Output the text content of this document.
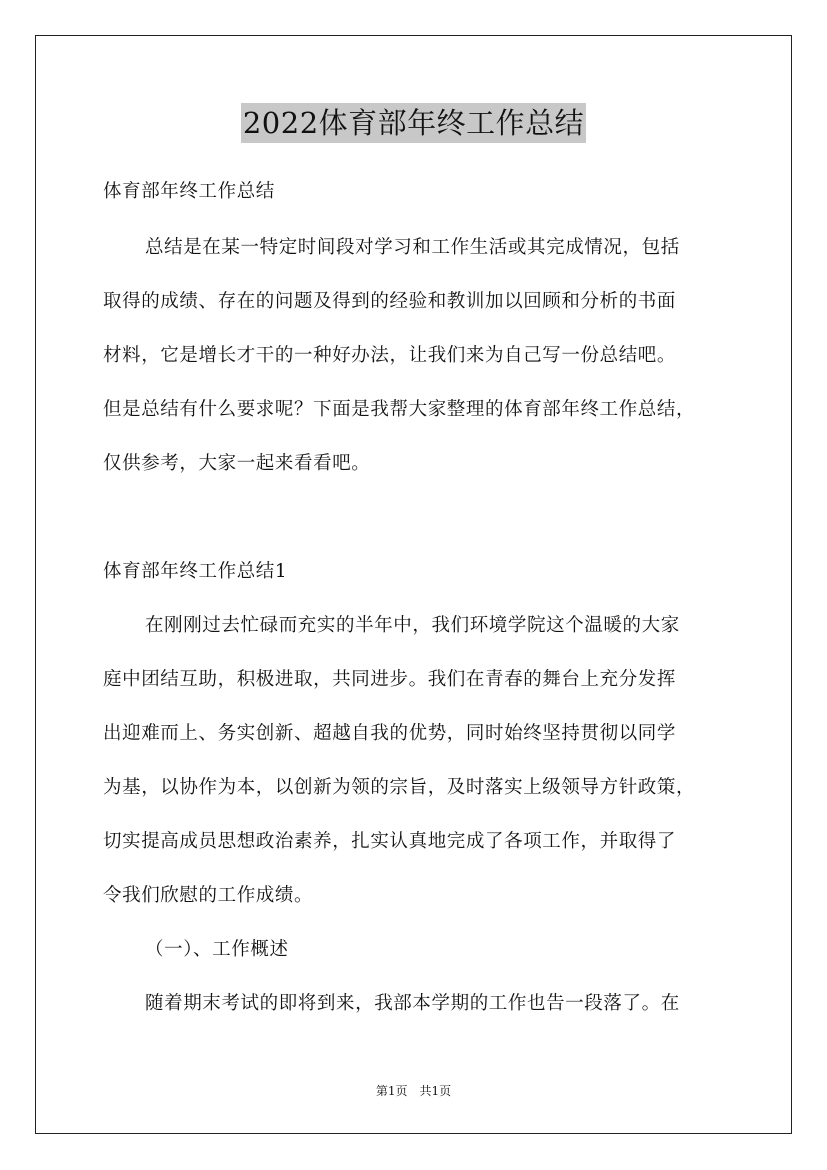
2022体育部年终工作总结
体育部年终工作总结
总结是在某一特定时间段对学习和工作生活或其完成情况，包括
取得的成绩、存在的问题及得到的经验和教训加以回顾和分析的书面
材料，它是增长才干的一种好办法，让我们来为自己写一份总结吧。
但是总结有什么要求呢？下面是我帮大家整理的体育部年终工作总结，
仅供参考，大家一起来看看吧。
体育部年终工作总结1
在刚刚过去忙碌而充实的半年中，我们环境学院这个温暖的大家
庭中团结互助，积极进取，共同进步。我们在青春的舞台上充分发挥
出迎难而上、务实创新、超越自我的优势，同时始终坚持贯彻以同学
为基，以协作为本，以创新为领的宗旨，及时落实上级领导方针政策，
切实提高成员思想政治素养，扎实认真地完成了各项工作，并取得了
令我们欣慰的工作成绩。
（一）、工作概述
随着期末考试的即将到来，我部本学期的工作也告一段落了。在
第1页　共1页
